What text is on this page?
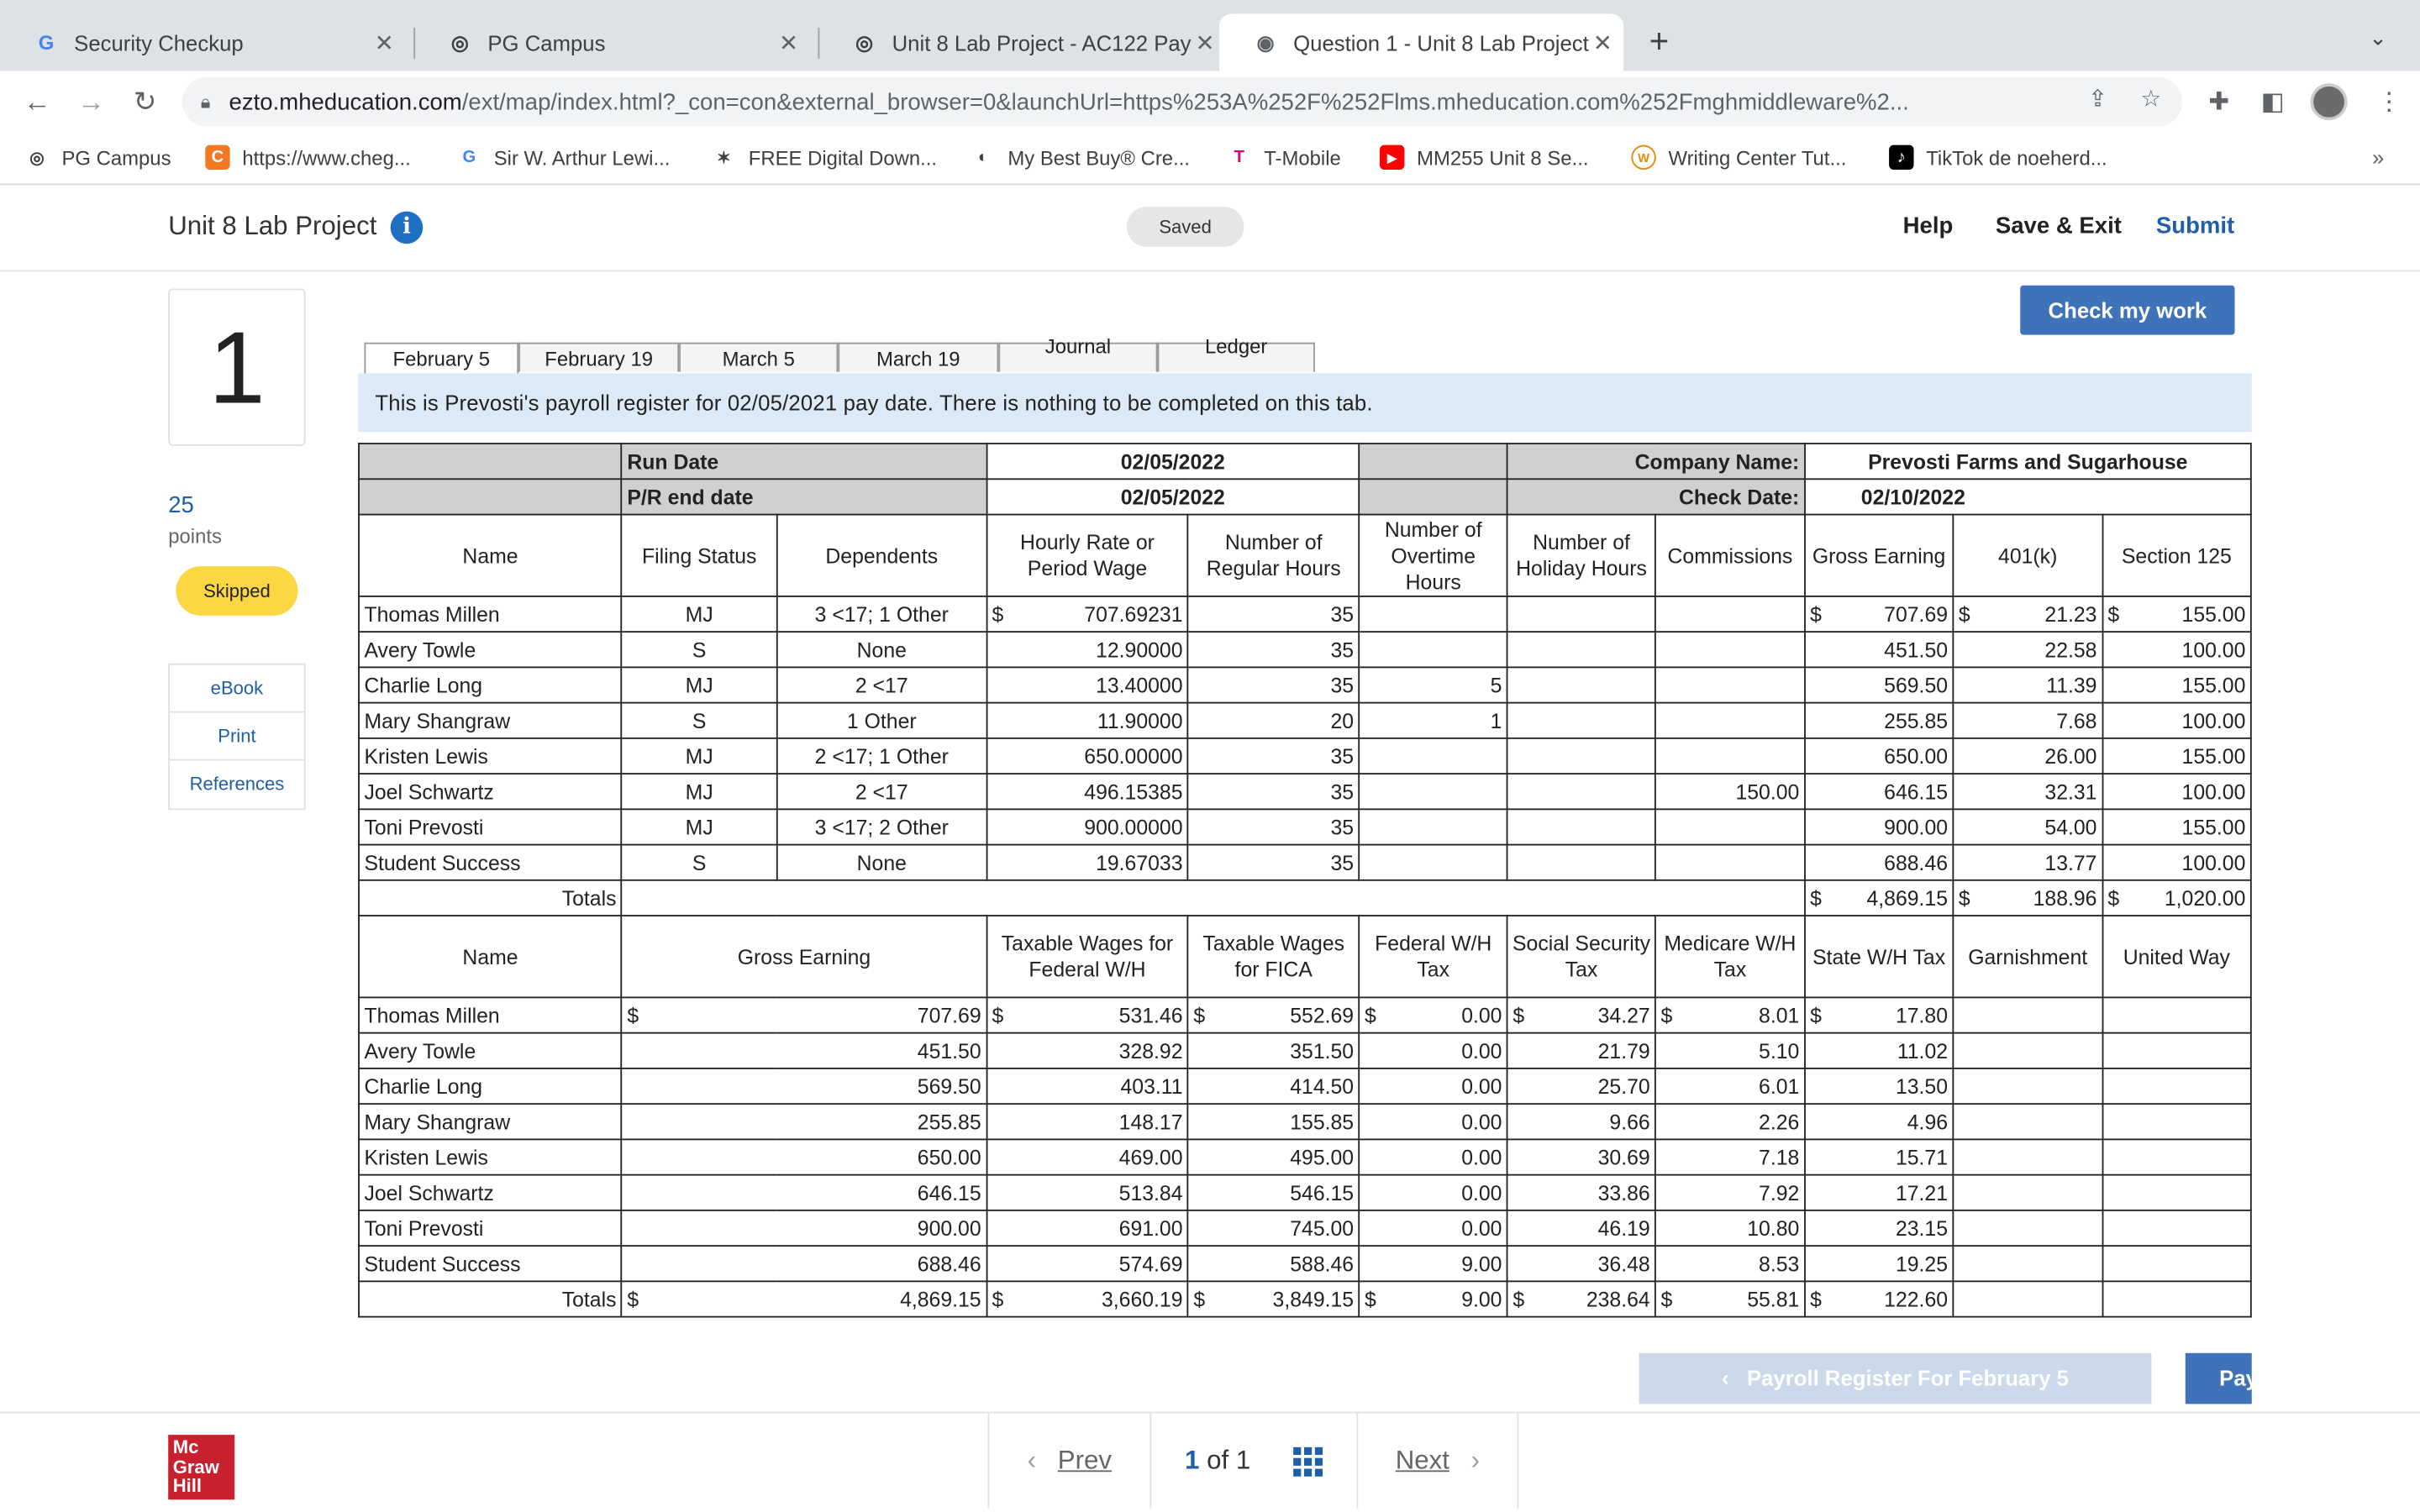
G	Security Checkup	✕	◎	PG Campus	✕	◎	Unit 8 Lab Project - AC122 Pay ✕	◉	Question 1 - Unit 8 Lab Project ✕	+	⌄
←	→	↻	🔒︎ ezto.mheducation.com/ext/map/index.html?_con=con&external_browser=0&launchUrl=https%253A%252F%252Flms.mheducation.com%252Fmghmiddleware%2...	⇪	☆	✚ ◧	⋮
◎	PG Campus	C	https://www.cheg...	G	Sir W. Arthur Lewi...	✶	FREE Digital Down...	◐	My Best Buy® Cre...	T	T-Mobile	▶	MM255 Unit 8 Se...	W	Writing Center Tut...	♪	TikTok de noeherd...	»
Unit 8 Lab Project	i	Saved	Help	Save & Exit	Submit
1
25
points
Skipped
eBook
Print
References
Check my work
February 5	February 19	March 5	March 19
Journal	Ledger
This is Prevosti's payroll register for 02/05/2021 pay date. There is nothing to be completed on this tab.
	Run Date		02/05/2022			Company Name:		Prevosti Farms and Sugarhouse		
	P/R end date		02/05/2022			Check Date:		02/10/2022		
Name	Filing Status	Dependents	Hourly Rate or Period Wage	Number of Regular Hours	Number of Overtime Hours	Number of Holiday Hours	Commissions	Gross Earning	401(k)	Section 125
Thomas Millen	MJ	3 <17; 1 Other	$ 707.69231	35				$ 707.69	$ 21.23	$ 155.00

Avery Towle	S	None	12.90000	35				451.50	22.58	100.00
Charlie Long	MJ	2 <17	13.40000	35	5			569.50	11.39	155.00
Mary Shangraw	S	1 Other	11.90000	20	1			255.85	7.68	100.00
Kristen Lewis	MJ	2 <17; 1 Other	650.00000	35				650.00	26.00	155.00
Joel Schwartz	MJ	2 <17	496.15385	35			150.00	646.15	32.31	100.00
Toni Prevosti	MJ	3 <17; 2 Other	900.00000	35				900.00	54.00	155.00
Student Success	S	None	19.67033	35				688.46	13.77	100.00
Totals								$ 4,869.15	$ 188.96	$ 1,020.00

Name	Gross Earning		Taxable Wages for Federal W/H	Taxable Wages for FICA	Federal W/H Tax	Social Security Tax	Medicare W/H Tax	State W/H Tax	Garnishment	United Way
Thomas Millen	$ 707.69		$ 531.46	$ 552.69	$ 0.00	$ 34.27	$ 8.01	$ 17.80		

Avery Towle	451.50		328.92	351.50	0.00	21.79	5.10	11.02		
Charlie Long	569.50		403.11	414.50	0.00	25.70	6.01	13.50		
Mary Shangraw	255.85		148.17	155.85	0.00	9.66	2.26	4.96		
Kristen Lewis	650.00		469.00	495.00	0.00	30.69	7.18	15.71		
Joel Schwartz	646.15		513.84	546.15	0.00	33.86	7.92	17.21		
Toni Prevosti	900.00		691.00	745.00	0.00	46.19	10.80	23.15		
Student Success	688.46		574.69	588.46	9.00	36.48	8.53	19.25		
Totals	$ 4,869.15		$ 3,660.19	$ 3,849.15	$ 9.00	$ 238.64	$ 55.81	$ 122.60		

‹ Payroll Register For February 5	Pay
Mc
Graw
Hill
‹ Prev	1
of
1	Next ›
